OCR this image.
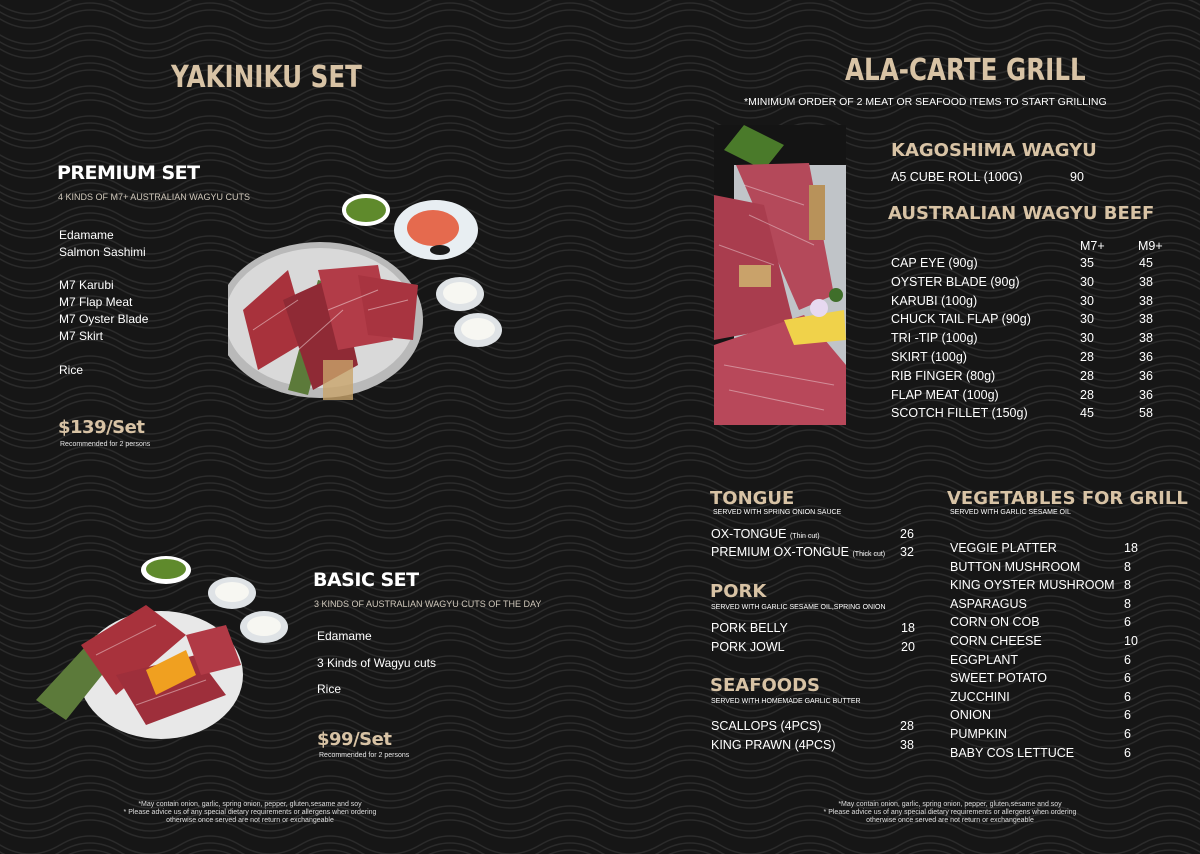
YAKINIKU SET
PREMIUM SET
4 KINDS OF M7+ AUSTRALIAN WAGYU CUTS
Edamame
Salmon Sashimi
M7 Karubi
M7 Flap Meat
M7 Oyster Blade
M7 Skirt
Rice
$139/Set
Recommended for 2 persons
BASIC SET
3 KINDS OF AUSTRALIAN WAGYU CUTS OF THE DAY
Edamame
3 Kinds of Wagyu cuts
Rice
$99/Set
Recommended for 2 persons
*May contain onion, garlic, spring onion, pepper, gluten,sesame and soy
* Please advice us of any special dietary requirements or allergens when ordering
otherwise once served are not return or exchangeable
ALA-CARTE GRILL
*MINIMUM ORDER OF 2 MEAT OR SEAFOOD ITEMS TO START GRILLING
KAGOSHIMA WAGYU
A5 CUBE ROLL (100G)	90
AUSTRALIAN WAGYU BEEF
M7+	M9+
CAP EYE (90g)	35	45
OYSTER BLADE (90g)	30	38
KARUBI (100g)	30	38
CHUCK TAIL FLAP (90g)	30	38
TRI -TIP (100g)	30	38
SKIRT (100g)	28	36
RIB FINGER (80g)	28	36
FLAP MEAT (100g)	28	36
SCOTCH FILLET (150g)	45	58
TONGUE
SERVED WITH SPRING ONION SAUCE
OX-TONGUE (Thin cut)	26
PREMIUM OX-TONGUE (Thick cut) 32
PORK
SERVED WITH GARLIC SESAME OIL,SPRING ONION
PORK BELLY	18
PORK JOWL	20
SEAFOODS
SERVED WITH HOMEMADE GARLIC BUTTER
SCALLOPS (4PCS)	28
KING PRAWN (4PCS)	38
VEGETABLES FOR GRILL
SERVED WITH GARLIC SESAME OIL
VEGGIE PLATTER	18
BUTTON MUSHROOM	8
KING OYSTER MUSHROOM 8
ASPARAGUS	8
CORN ON COB	6
CORN CHEESE	10
EGGPLANT	6
SWEET POTATO	6
ZUCCHINI	6
ONION	6
PUMPKIN	6
BABY COS LETTUCE	6
*May contain onion, garlic, spring onion, pepper, gluten,sesame and soy
* Please advice us of any special dietary requirements or allergens when ordering
otherwise once served are not return or exchangeable
